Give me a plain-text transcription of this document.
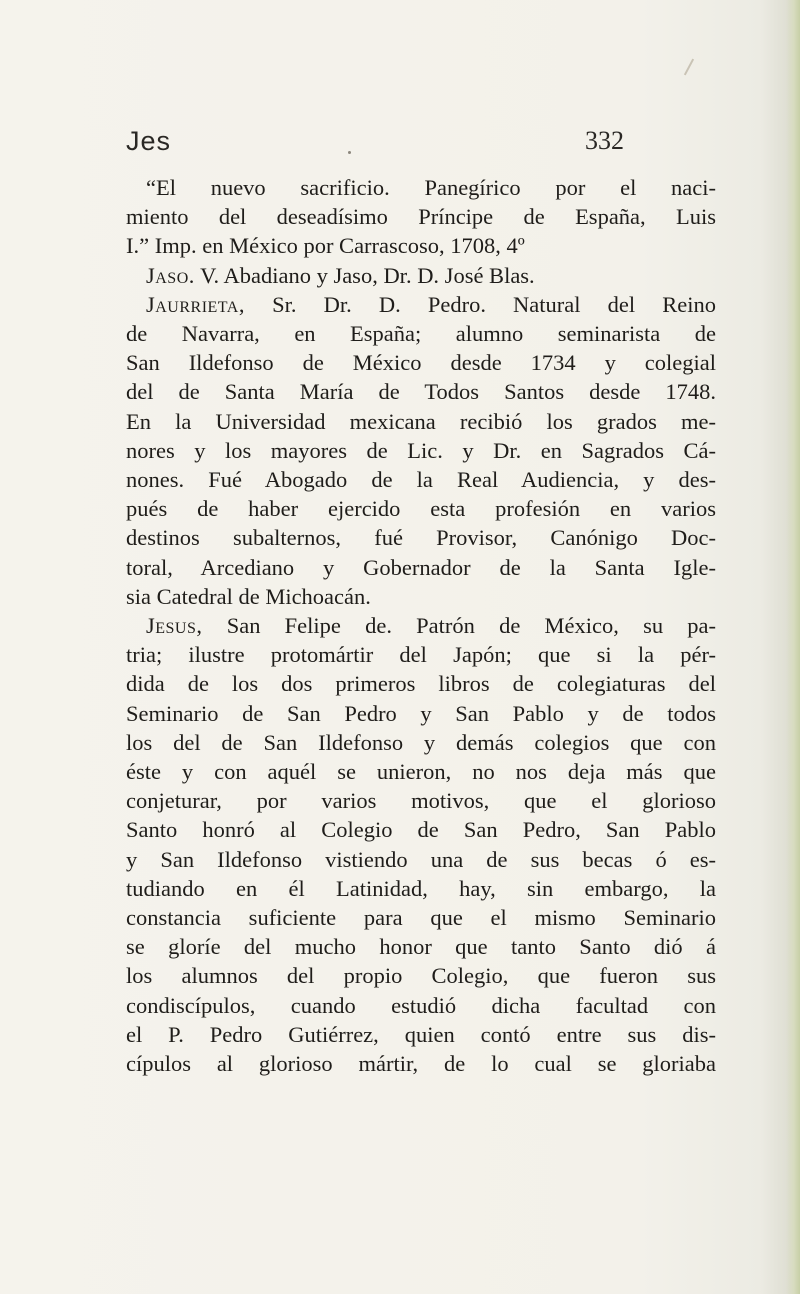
Jes	332
“El nuevo sacrificio. Panegírico por el naci-
miento del deseadísimo Príncipe de España, Luis
I.” Imp. en México por Carrascoso, 1708, 4º
Jaso. V. Abadiano y Jaso, Dr. D. José Blas.
Jaurrieta, Sr. Dr. D. Pedro. Natural del Reino
de Navarra, en España; alumno seminarista de
San Ildefonso de México desde 1734 y colegial
del de Santa María de Todos Santos desde 1748.
En la Universidad mexicana recibió los grados me-
nores y los mayores de Lic. y Dr. en Sagrados Cá-
nones. Fué Abogado de la Real Audiencia, y des-
pués de haber ejercido esta profesión en varios
destinos subalternos, fué Provisor, Canónigo Doc-
toral, Arcediano y Gobernador de la Santa Igle-
sia Catedral de Michoacán.
Jesus, San Felipe de. Patrón de México, su pa-
tria; ilustre protomártir del Japón; que si la pér-
dida de los dos primeros libros de colegiaturas del
Seminario de San Pedro y San Pablo y de todos
los del de San Ildefonso y demás colegios que con
éste y con aquél se unieron, no nos deja más que
conjeturar, por varios motivos, que el glorioso
Santo honró al Colegio de San Pedro, San Pablo
y San Ildefonso vistiendo una de sus becas ó es-
tudiando en él Latinidad, hay, sin embargo, la
constancia suficiente para que el mismo Seminario
se gloríe del mucho honor que tanto Santo dió á
los alumnos del propio Colegio, que fueron sus
condiscípulos, cuando estudió dicha facultad con
el P. Pedro Gutiérrez, quien contó entre sus dis-
cípulos al glorioso mártir, de lo cual se gloriaba
